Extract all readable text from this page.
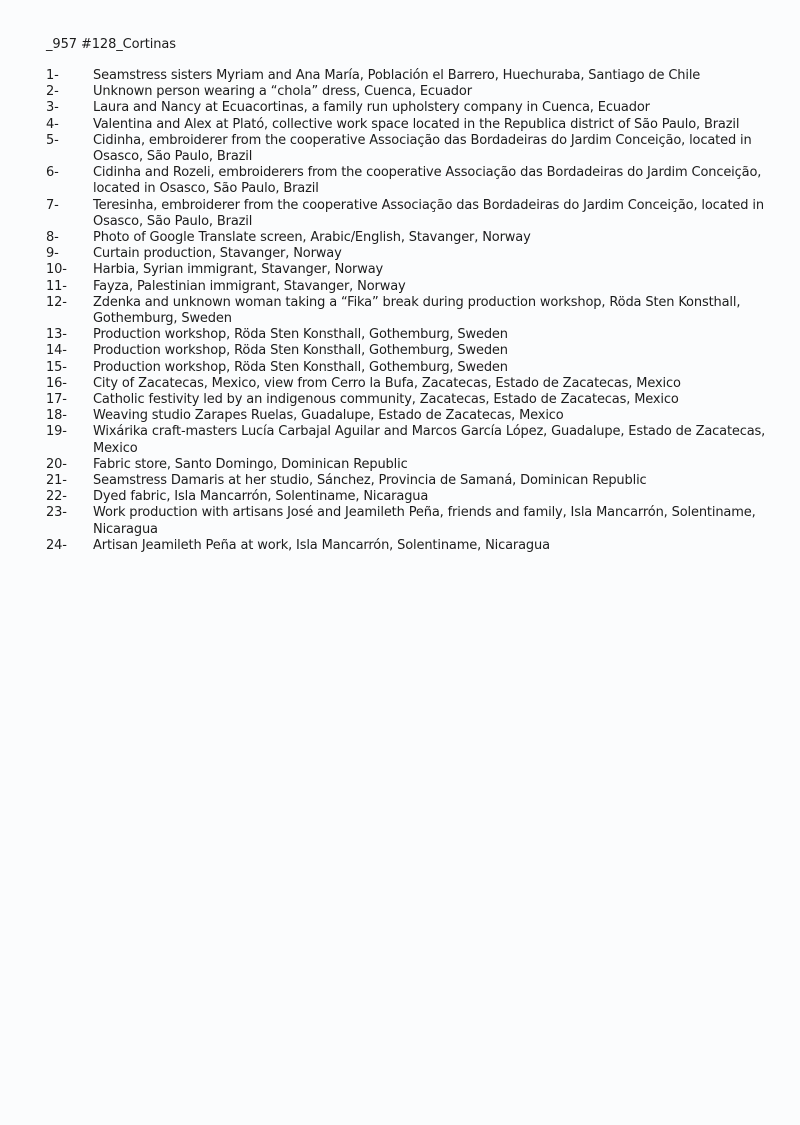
_957 #128_Cortinas
1-	Seamstress sisters Myriam and Ana María, Población el Barrero, Huechuraba, Santiago de Chile
2-	Unknown person wearing a “chola” dress, Cuenca, Ecuador
3-	Laura and Nancy at Ecuacortinas, a family run upholstery company in Cuenca, Ecuador
4-	Valentina and Alex at Plató, collective work space located in the Republica district of São Paulo, Brazil
5-	Cidinha, embroiderer from the cooperative Associação das Bordadeiras do Jardim Conceição, located in Osasco, São Paulo, Brazil
6-	Cidinha and Rozeli, embroiderers from the cooperative Associação das Bordadeiras do Jardim Conceição, located in Osasco, São Paulo, Brazil
7-	Teresinha, embroiderer from the cooperative Associação das Bordadeiras do Jardim Conceição, located in Osasco, São Paulo, Brazil
8-	Photo of Google Translate screen, Arabic/English, Stavanger, Norway
9-	Curtain production, Stavanger, Norway
10-	Harbia, Syrian immigrant, Stavanger, Norway
11-	Fayza, Palestinian immigrant, Stavanger, Norway
12-	Zdenka and unknown woman taking a “Fika” break during production workshop, Röda Sten Konsthall, Gothemburg, Sweden
13-	Production workshop, Röda Sten Konsthall, Gothemburg, Sweden
14-	Production workshop, Röda Sten Konsthall, Gothemburg, Sweden
15-	Production workshop, Röda Sten Konsthall, Gothemburg, Sweden
16-	City of Zacatecas, Mexico, view from Cerro la Bufa, Zacatecas, Estado de Zacatecas, Mexico
17-	Catholic festivity led by an indigenous community, Zacatecas, Estado de Zacatecas, Mexico
18-	Weaving studio Zarapes Ruelas, Guadalupe, Estado de Zacatecas, Mexico
19-	Wixárika craft-masters Lucía Carbajal Aguilar and Marcos García López, Guadalupe, Estado de Zacatecas, Mexico
20-	Fabric store, Santo Domingo, Dominican Republic
21-	Seamstress Damaris at her studio, Sánchez, Provincia de Samaná, Dominican Republic
22-	Dyed fabric, Isla Mancarrón, Solentiname, Nicaragua
23-	Work production with artisans José and Jeamileth Peña, friends and family, Isla Mancarrón, Solentiname, Nicaragua
24-	Artisan Jeamileth Peña at work, Isla Mancarrón, Solentiname, Nicaragua
